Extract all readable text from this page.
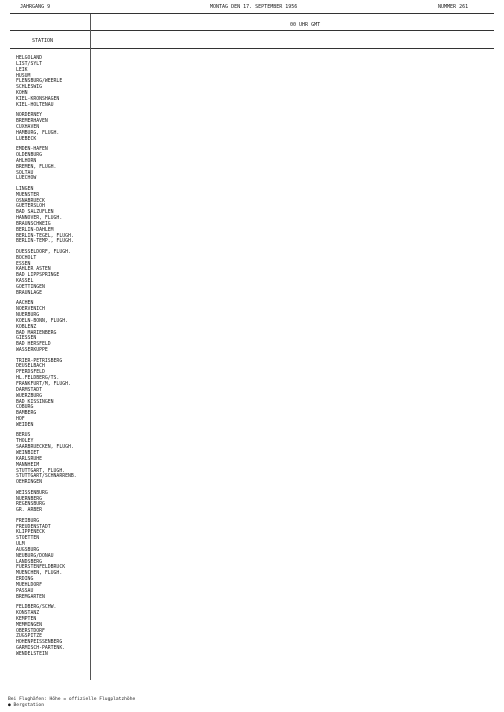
JAHRGANG 9	MONTAG DEN 17. SEPTEMBER 1956	NUMMER 261
00 UHR GMT
STATION
HELGOLAND
LIST/SYLT
LEIK
HUSUM
FLENSBURG/WEERLE
SCHLESWIG
KOHN
KIEL-KRONSHAGEN
KIEL-HOLTENAU
NORDERNEY
BREMERHAVEN
CUXHAVEN
HAMBURG, FLUGH.
LUEBECK
EMDEN-HAFEN
OLDENBURG
AHLHORN
BREMEN, FLUGH.
SOLTAU
LUECHOW
LINGEN
MUENSTER
OSNABRUECK
GUETERSLOH
BAD SALZUFLEN
HANNOVER, FLUGH.
BRAUNSCHWEIG
BERLIN-DAHLEM
BERLIN-TEGEL, FLUGH.
BERLIN-TEMP., FLUGH.
DUESSELDORF, FLUGH.
BOCHOLT
ESSEN
KAHLER ASTEN
BAD LIPPSPRINGE
KASSEL
GOETTINGEN
BRAUNLAGE
AACHEN
NOERVENICH
NUERBURG
KOELN-BONN, FLUGH.
KOBLENZ
BAD MARIENBERG
GIESSEN
BAD HERSFELD
WASSERKUPPE
TRIER-PETRISBERG
DEUSELBACH
PFERDSFELD
HL.FELDBERG/TS.
FRANKFURT/M, FLUGH.
DARMSTADT
WUERZBURG
BAD KISSINGEN
COBURG
BAMBERG
HOF
WEIDEN
BERUS
THOLEY
SAARBRUECKEN, FLUGH.
WEINBIET
KARLSRUHE
MANNHEIM
STUTTGART, FLUGH.
STUTTGART/SCHNARRENB.
OEHRINGEN
WEISSENBURG
NUERNBERG
REGENSBURG
GR. ARBER
FREIBURG
FREUDENSTADT
KLIPPENECK
STOETTEN
ULM
AUGSBURG
NEUBURG/DONAU
LANDSBERG
FUERSTENFELDBRUCK
MUENCHEN, FLUGH.
ERDING
MUEHLDORF
PASSAU
BREMGARTEN
FELDBERG/SCHW.
KONSTANZ
KEMPTEN
MEMMINGEN
OBERSTDORF
ZUGSPITZE
HOHENPEISSENBERG
GARMISCH-PARTENK.
WENDELSTEIN
Bei Flughäfen: Höhe = offizielle Flugplatzhöhe
● Bergstation
